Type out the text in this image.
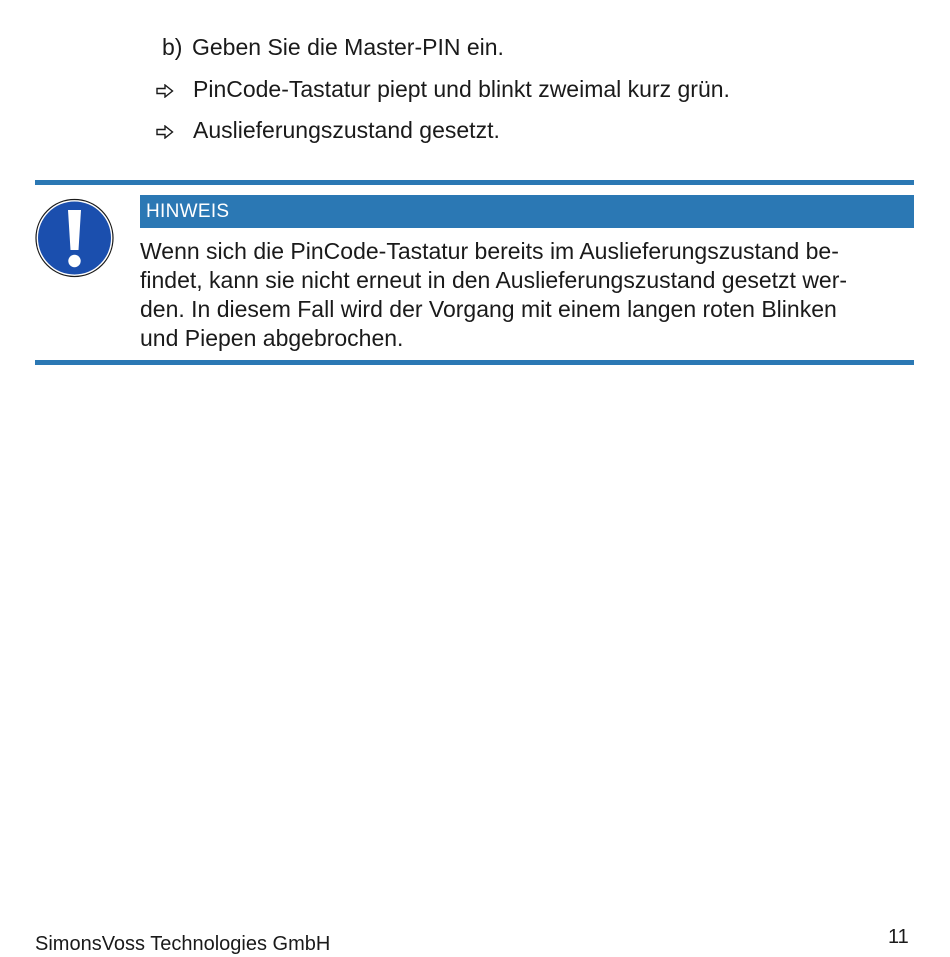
b) Geben Sie die Master-PIN ein.
PinCode-Tastatur piept und blinkt zweimal kurz grün.
Auslieferungszustand gesetzt.
HINWEIS
Wenn sich die PinCode-Tastatur bereits im Auslieferungszustand be-
findet, kann sie nicht erneut in den Auslieferungszustand gesetzt wer-
den. In diesem Fall wird der Vorgang mit einem langen roten Blinken
und Piepen abgebrochen.
SimonsVoss Technologies GmbH	11
